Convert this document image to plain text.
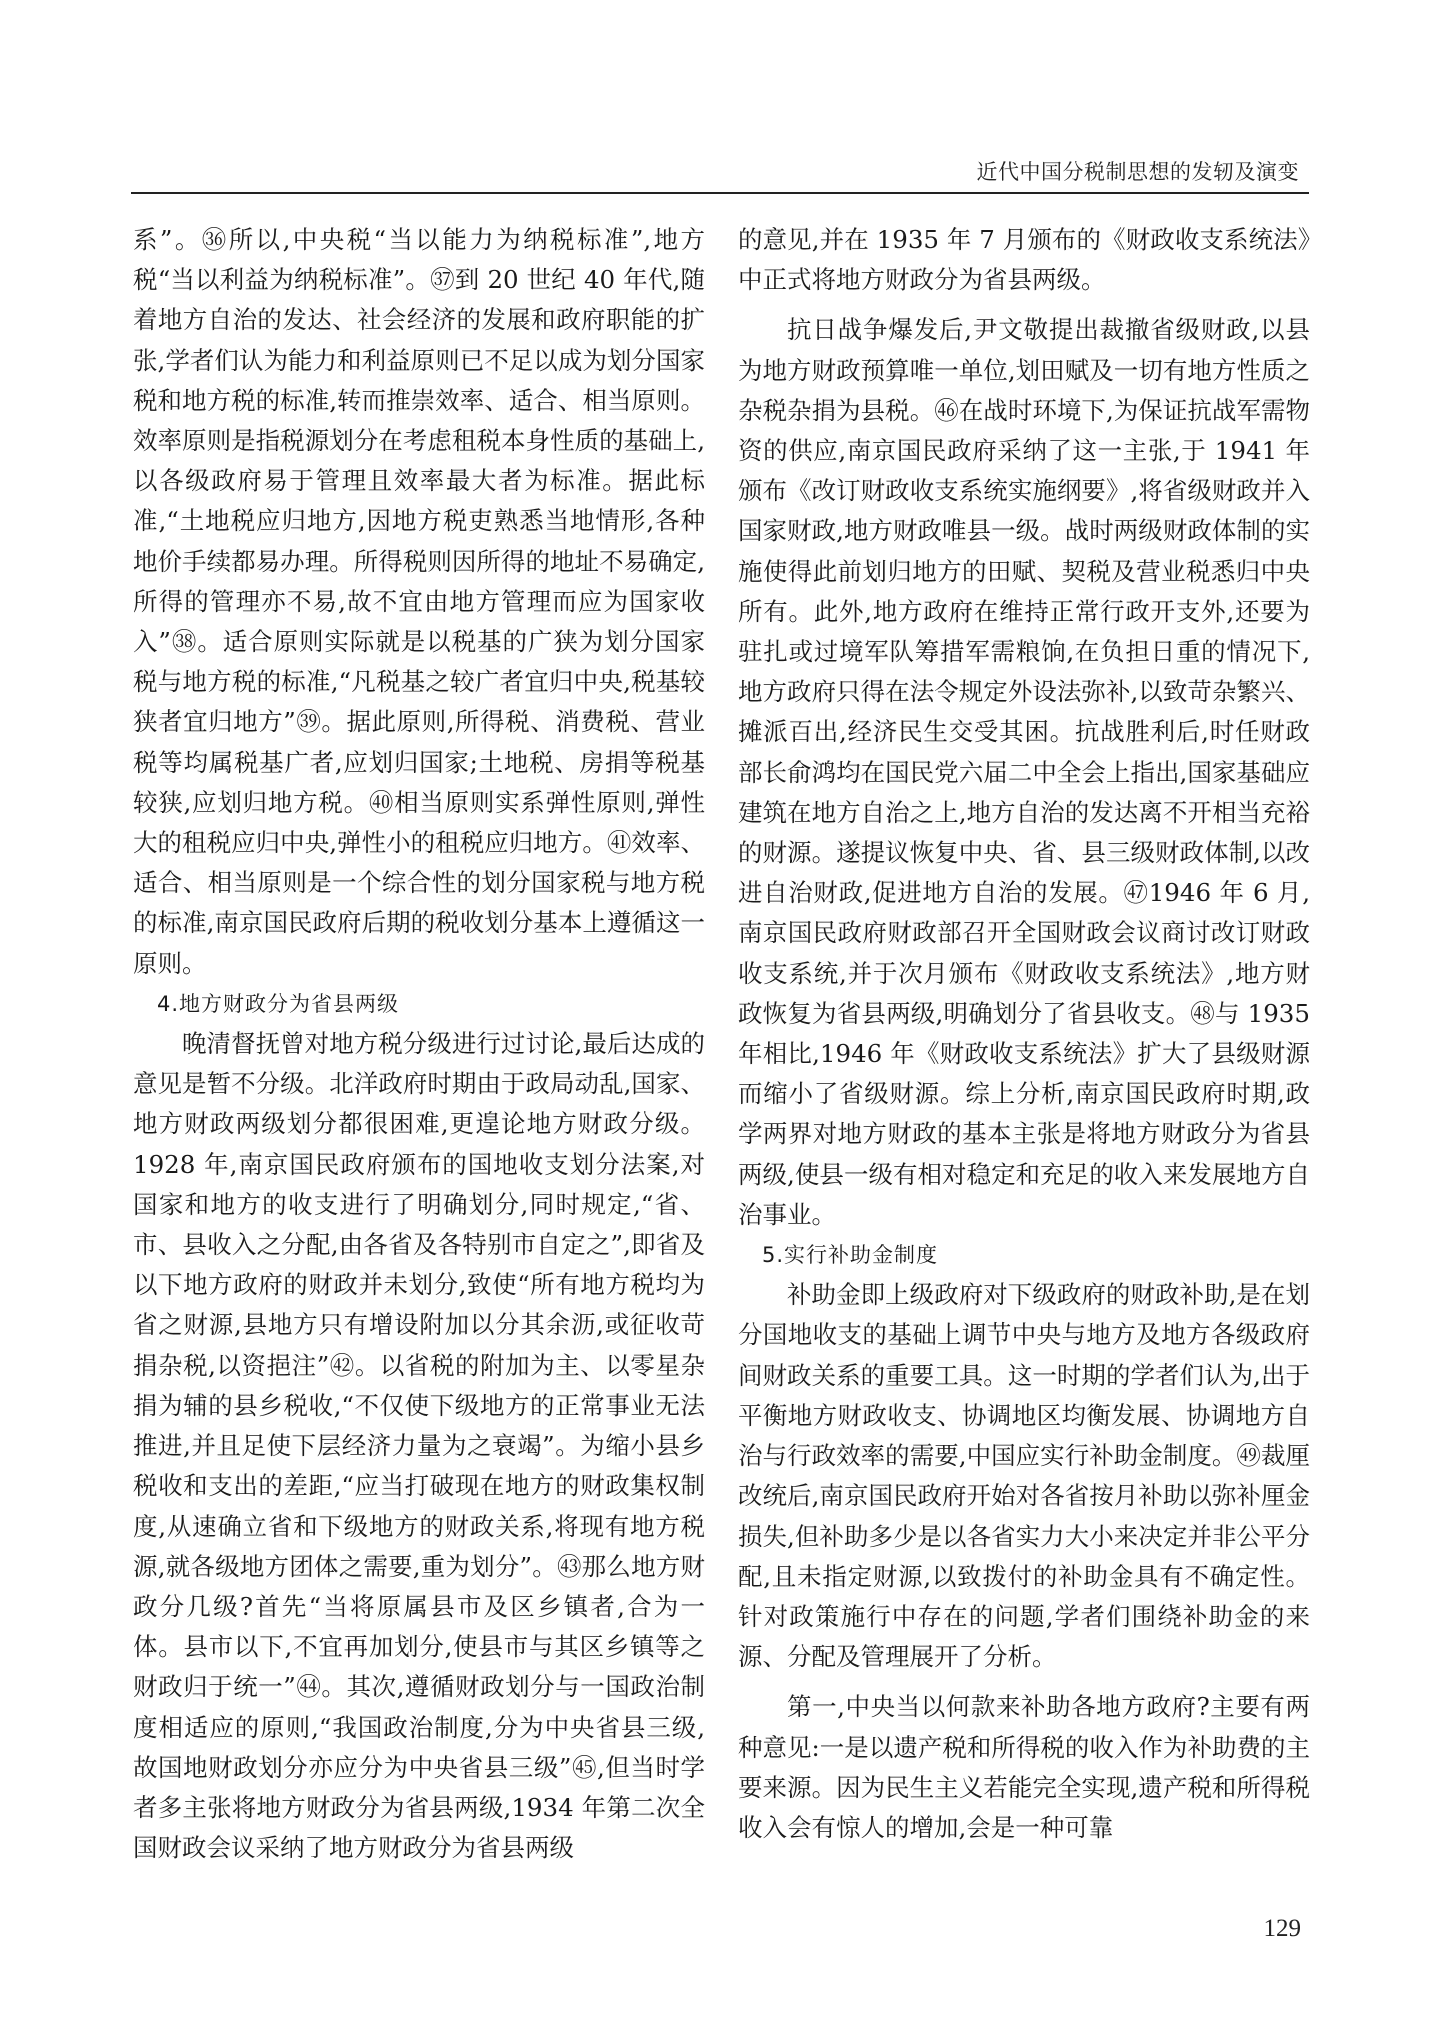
近代中国分税制思想的发轫及演变

系”。㊱所以,中央税“当以能力为纳税标准”,地方税“当以利益为纳税标准”。㊲到 20 世纪 40 年代,随着地方自治的发达、社会经济的发展和政府职能的扩张,学者们认为能力和利益原则已不足以成为划分国家税和地方税的标准,转而推崇效率、适合、相当原则。效率原则是指税源划分在考虑租税本身性质的基础上,以各级政府易于管理且效率最大者为标准。据此标准,“土地税应归地方,因地方税吏熟悉当地情形,各种地价手续都易办理。所得税则因所得的地址不易确定,所得的管理亦不易,故不宜由地方管理而应为国家收入”㊳。适合原则实际就是以税基的广狭为划分国家税与地方税的标准,“凡税基之较广者宜归中央,税基较狭者宜归地方”㊴。据此原则,所得税、消费税、营业税等均属税基广者,应划归国家;土地税、房捐等税基较狭,应划归地方税。㊵相当原则实系弹性原则,弹性大的租税应归中央,弹性小的租税应归地方。㊶效率、适合、相当原则是一个综合性的划分国家税与地方税的标准,南京国民政府后期的税收划分基本上遵循这一原则。

4.地方财政分为省县两级

晚清督抚曾对地方税分级进行过讨论,最后达成的意见是暂不分级。北洋政府时期由于政局动乱,国家、地方财政两级划分都很困难,更遑论地方财政分级。1928 年,南京国民政府颁布的国地收支划分法案,对国家和地方的收支进行了明确划分,同时规定,“省、市、县收入之分配,由各省及各特别市自定之”,即省及以下地方政府的财政并未划分,致使“所有地方税均为省之财源,县地方只有增设附加以分其余沥,或征收苛捐杂税,以资挹注”㊷。以省税的附加为主、以零星杂捐为辅的县乡税收,“不仅使下级地方的正常事业无法推进,并且足使下层经济力量为之衰竭”。为缩小县乡税收和支出的差距,“应当打破现在地方的财政集权制度,从速确立省和下级地方的财政关系,将现有地方税源,就各级地方团体之需要,重为划分”。㊸那么地方财政分几级?首先“当将原属县市及区乡镇者,合为一体。县市以下,不宜再加划分,使县市与其区乡镇等之财政归于统一”㊹。其次,遵循财政划分与一国政治制度相适应的原则,“我国政治制度,分为中央省县三级,故国地财政划分亦应分为中央省县三级”㊺,但当时学者多主张将地方财政分为省县两级,1934 年第二次全国财政会议采纳了地方财政分为省县两级

的意见,并在 1935 年 7 月颁布的《财政收支系统法》中正式将地方财政分为省县两级。

抗日战争爆发后,尹文敬提出裁撤省级财政,以县为地方财政预算唯一单位,划田赋及一切有地方性质之杂税杂捐为县税。㊻在战时环境下,为保证抗战军需物资的供应,南京国民政府采纳了这一主张,于 1941 年颁布《改订财政收支系统实施纲要》,将省级财政并入国家财政,地方财政唯县一级。战时两级财政体制的实施使得此前划归地方的田赋、契税及营业税悉归中央所有。此外,地方政府在维持正常行政开支外,还要为驻扎或过境军队筹措军需粮饷,在负担日重的情况下,地方政府只得在法令规定外设法弥补,以致苛杂繁兴、摊派百出,经济民生交受其困。抗战胜利后,时任财政部长俞鸿均在国民党六届二中全会上指出,国家基础应建筑在地方自治之上,地方自治的发达离不开相当充裕的财源。遂提议恢复中央、省、县三级财政体制,以改进自治财政,促进地方自治的发展。㊼1946 年 6 月,南京国民政府财政部召开全国财政会议商讨改订财政收支系统,并于次月颁布《财政收支系统法》,地方财政恢复为省县两级,明确划分了省县收支。㊽与 1935 年相比,1946 年《财政收支系统法》扩大了县级财源而缩小了省级财源。综上分析,南京国民政府时期,政学两界对地方财政的基本主张是将地方财政分为省县两级,使县一级有相对稳定和充足的收入来发展地方自治事业。

5.实行补助金制度

补助金即上级政府对下级政府的财政补助,是在划分国地收支的基础上调节中央与地方及地方各级政府间财政关系的重要工具。这一时期的学者们认为,出于平衡地方财政收支、协调地区均衡发展、协调地方自治与行政效率的需要,中国应实行补助金制度。㊾裁厘改统后,南京国民政府开始对各省按月补助以弥补厘金损失,但补助多少是以各省实力大小来决定并非公平分配,且未指定财源,以致拨付的补助金具有不确定性。针对政策施行中存在的问题,学者们围绕补助金的来源、分配及管理展开了分析。

第一,中央当以何款来补助各地方政府?主要有两种意见:一是以遗产税和所得税的收入作为补助费的主要来源。因为民生主义若能完全实现,遗产税和所得税收入会有惊人的增加,会是一种可靠

129
